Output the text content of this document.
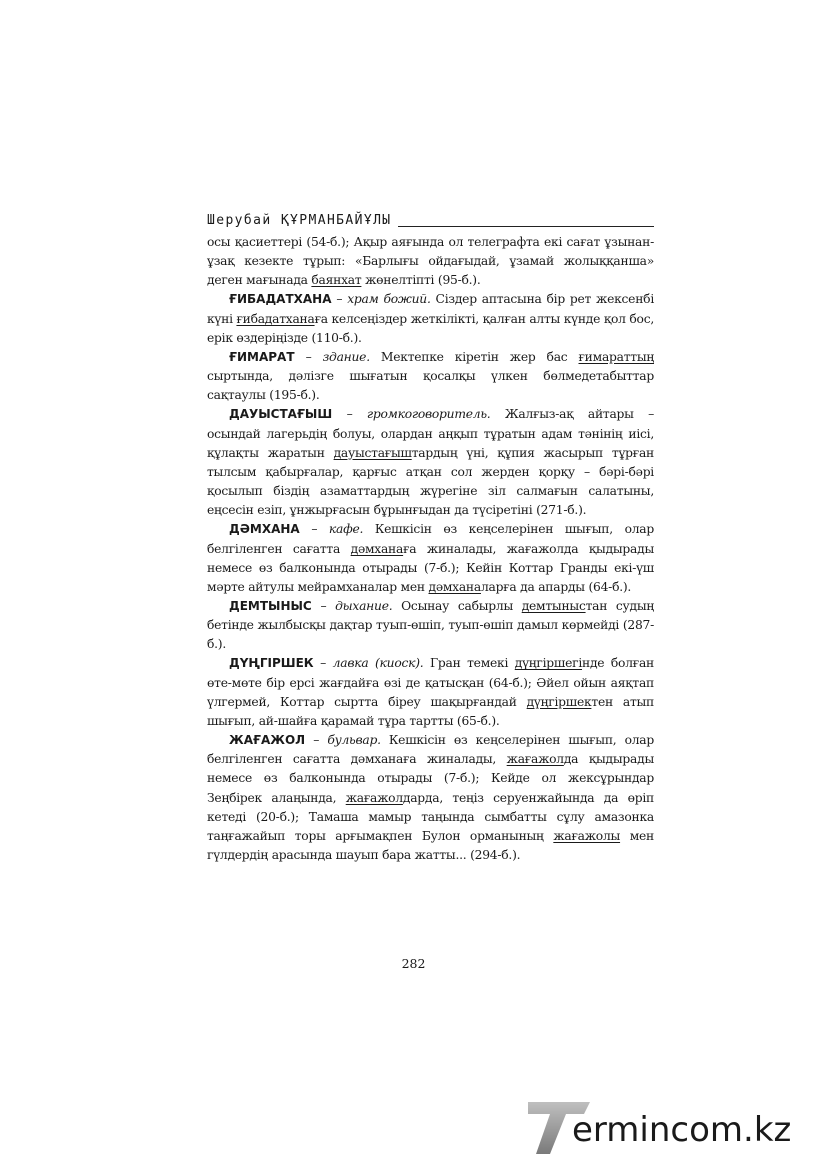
Шерубай ҚҰРМАНБАЙҰЛЫ

осы қасиеттері (54-б.); Ақыр аяғында ол телеграфта екі сағат ұзынан-ұзақ кезекте тұрып: «Барлығы ойдағыдай, ұзамай жолыққанша» деген мағынада баянхат жөнелтіпті (95-б.).

ҒИБАДАТХАНА – храм божий. Сіздер аптасына бір рет жексенбі күні ғибадатханаға келсеңіздер жеткілікті, қалған алты күнде қол бос, ерік өздеріңізде (110-б.).

ҒИМАРАТ – здание. Мектепке кіретін жер бас ғимараттың сыртында, дәлізге шығатын қосалқы үлкен бөлмедетабыттар сақтаулы (195-б.).

ДАУЫСТАҒЫШ – громкоговоритель. Жалғыз-ақ айтары – осындай лагерьдің болуы, олардан аңқып тұратын адам тәнінің иісі, құлақты жаратын дауыстағыштардың үні, құпия жасырып тұрған тылсым қабырғалар, қарғыс атқан сол жерден қорқу – бәрі-бәрі қосылып біздің азаматтардың жүрегіне зіл салмағын салатыны, еңсесін езіп, ұнжырғасын бұрынғыдан да түсіретіні (271-б.).

ДӘМХАНА – кафе. Кешкісін өз кеңселерінен шығып, олар белгіленген сағатта дәмханаға жиналады, жағажолда қыдырады немесе өз балконында отырады (7-б.); Кейін Коттар Гранды екі-үш мәрте айтулы мейрамханалар мен дәмханаларға да апарды (64-б.).

ДЕМТЫНЫС – дыхание. Осынау сабырлы демтыныстан судың бетінде жылбысқы дақтар туып-өшіп, туып-өшіп дамыл көрмейді (287-б.).

ДҮҢГІРШЕК – лавка (киоск). Гран темекі дүңгіршегінде болған өте-мөте бір ерсі жағдайға өзі де қатысқан (64-б.); Әйел ойын аяқтап үлгермей, Коттар сыртта біреу шақырғандай дүңгіршектен атып шығып, ай-шайға қарамай тұра тартты (65-б.).

ЖАҒАЖОЛ – бульвар. Кешкісін өз кеңселерінен шығып, олар белгіленген сағатта дәмханаға жиналады, жағажолда қыдырады немесе өз балконында отырады (7-б.); Кейде ол жексұрындар Зеңбірек алаңында, жағажолдарда, теңіз серуенжайында да өріп кетеді (20-б.); Тамаша мамыр таңында сымбатты сұлу амазонка таңғажайып торы арғымақпен Булон орманының жағажолы мен гүлдердің арасында шауып бара жатты... (294-б.).

282
ermincom.kz
